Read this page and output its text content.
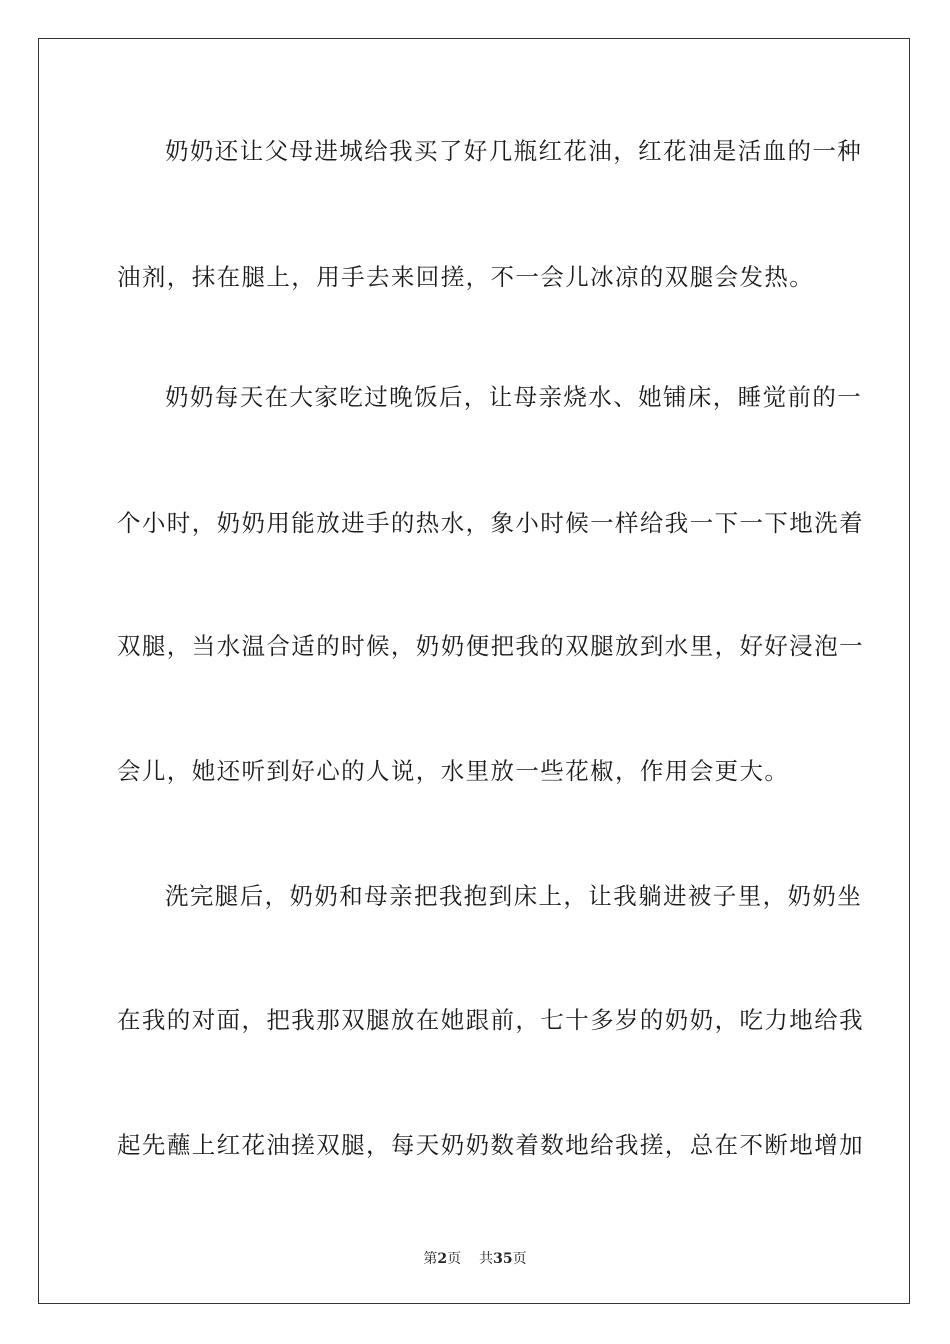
奶奶还让父母进城给我买了好几瓶红花油，红花油是活血的一种
油剂，抹在腿上，用手去来回搓，不一会儿冰凉的双腿会发热。
奶奶每天在大家吃过晚饭后，让母亲烧水、她铺床，睡觉前的一
个小时，奶奶用能放进手的热水，象小时候一样给我一下一下地洗着
双腿，当水温合适的时候，奶奶便把我的双腿放到水里，好好浸泡一
会儿，她还听到好心的人说，水里放一些花椒，作用会更大。
洗完腿后，奶奶和母亲把我抱到床上，让我躺进被子里，奶奶坐
在我的对面，把我那双腿放在她跟前，七十多岁的奶奶，吃力地给我
起先蘸上红花油搓双腿，每天奶奶数着数地给我搓，总在不断地增加
第2页 共35页
